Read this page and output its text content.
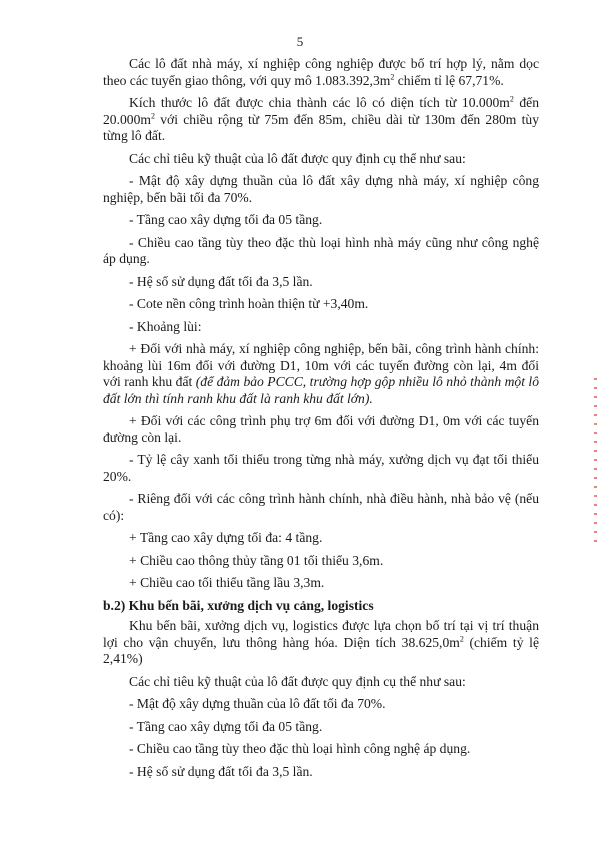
5

Các lô đất nhà máy, xí nghiệp công nghiệp được bố trí hợp lý, nằm dọc theo các tuyến giao thông, với quy mô $1.083.392,3m^2$ chiếm tỉ lệ 67,71%.

Kích thước lô đất được chia thành các lô có diện tích từ $10.000m^2$ đến $20.000m^2$ với chiều rộng từ 75m đến 85m, chiều dài từ 130m đến 280m tùy từng lô đất.

Các chỉ tiêu kỹ thuật của lô đất được quy định cụ thể như sau:

- Mật độ xây dựng thuần của lô đất xây dựng nhà máy, xí nghiệp công nghiệp, bến bãi tối đa 70%.

- Tầng cao xây dựng tối đa 05 tầng.

- Chiều cao tầng tùy theo đặc thù loại hình nhà máy cũng như công nghệ áp dụng.

- Hệ số sử dụng đất tối đa 3,5 lần.

- Cote nền công trình hoàn thiện từ +3,40m.

- Khoảng lùi:

+ Đối với nhà máy, xí nghiệp công nghiệp, bến bãi, công trình hành chính: khoảng lùi 16m đối với đường D1, 10m với các tuyến đường còn lại, 4m đối với ranh khu đất (để đảm bảo PCCC, trường hợp gộp nhiều lô nhỏ thành một lô đất lớn thì tính ranh khu đất là ranh khu đất lớn).

+ Đối với các công trình phụ trợ 6m đối với đường D1, 0m với các tuyến đường còn lại.

- Tỷ lệ cây xanh tối thiểu trong từng nhà máy, xưởng dịch vụ đạt tối thiểu 20%.

- Riêng đối với các công trình hành chính, nhà điều hành, nhà bảo vệ (nếu có):

+ Tầng cao xây dựng tối đa: 4 tầng.

+ Chiều cao thông thủy tầng 01 tối thiểu 3,6m.

+ Chiều cao tối thiểu tầng lầu 3,3m.

b.2) Khu bến bãi, xưởng dịch vụ cảng, logistics

Khu bến bãi, xưởng dịch vụ, logistics được lựa chọn bố trí tại vị trí thuận lợi cho vận chuyển, lưu thông hàng hóa. Diện tích $38.625,0m^2$ (chiếm tỷ lệ 2,41%)

Các chỉ tiêu kỹ thuật của lô đất được quy định cụ thể như sau:

- Mật độ xây dựng thuần của lô đất tối đa 70%.

- Tầng cao xây dựng tối đa 05 tầng.

- Chiều cao tầng tùy theo đặc thù loại hình công nghệ áp dụng.

- Hệ số sử dụng đất tối đa 3,5 lần.
